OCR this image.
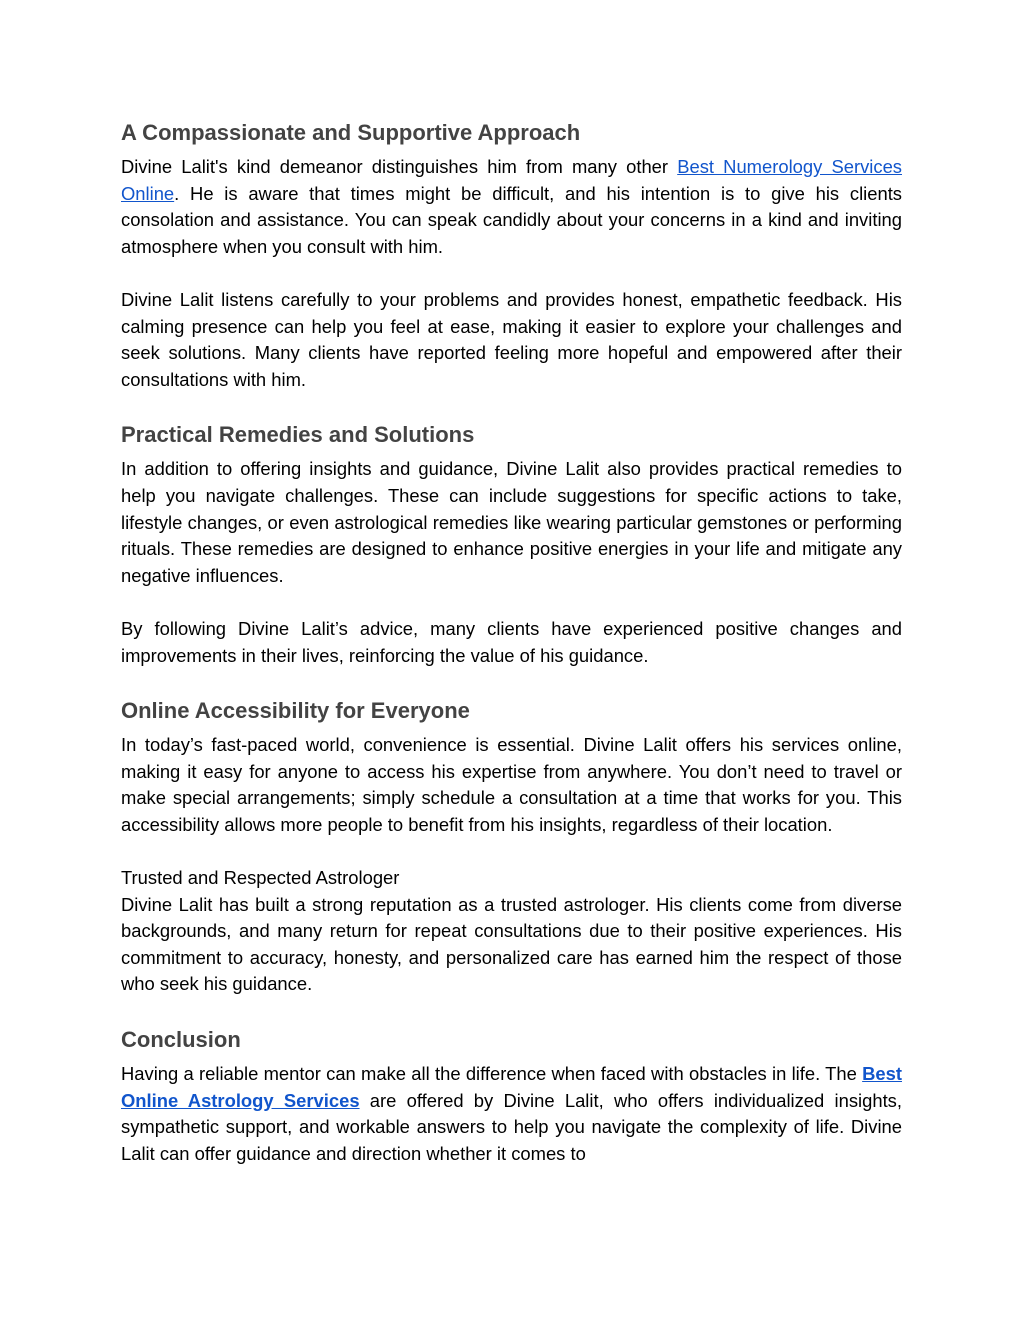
A Compassionate and Supportive Approach

Divine Lalit's kind demeanor distinguishes him from many other Best Numerology Services Online. He is aware that times might be difficult, and his intention is to give his clients consolation and assistance. You can speak candidly about your concerns in a kind and inviting atmosphere when you consult with him.

Divine Lalit listens carefully to your problems and provides honest, empathetic feedback. His calming presence can help you feel at ease, making it easier to explore your challenges and seek solutions. Many clients have reported feeling more hopeful and empowered after their consultations with him.

Practical Remedies and Solutions

In addition to offering insights and guidance, Divine Lalit also provides practical remedies to help you navigate challenges. These can include suggestions for specific actions to take, lifestyle changes, or even astrological remedies like wearing particular gemstones or performing rituals. These remedies are designed to enhance positive energies in your life and mitigate any negative influences.

By following Divine Lalit’s advice, many clients have experienced positive changes and improvements in their lives, reinforcing the value of his guidance.

Online Accessibility for Everyone

In today’s fast-paced world, convenience is essential. Divine Lalit offers his services online, making it easy for anyone to access his expertise from anywhere. You don’t need to travel or make special arrangements; simply schedule a consultation at a time that works for you. This accessibility allows more people to benefit from his insights, regardless of their location.

Trusted and Respected Astrologer

Divine Lalit has built a strong reputation as a trusted astrologer. His clients come from diverse backgrounds, and many return for repeat consultations due to their positive experiences. His commitment to accuracy, honesty, and personalized care has earned him the respect of those who seek his guidance.

Conclusion

Having a reliable mentor can make all the difference when faced with obstacles in life. The Best Online Astrology Services are offered by Divine Lalit, who offers individualized insights, sympathetic support, and workable answers to help you navigate the complexity of life. Divine Lalit can offer guidance and direction whether it comes to
